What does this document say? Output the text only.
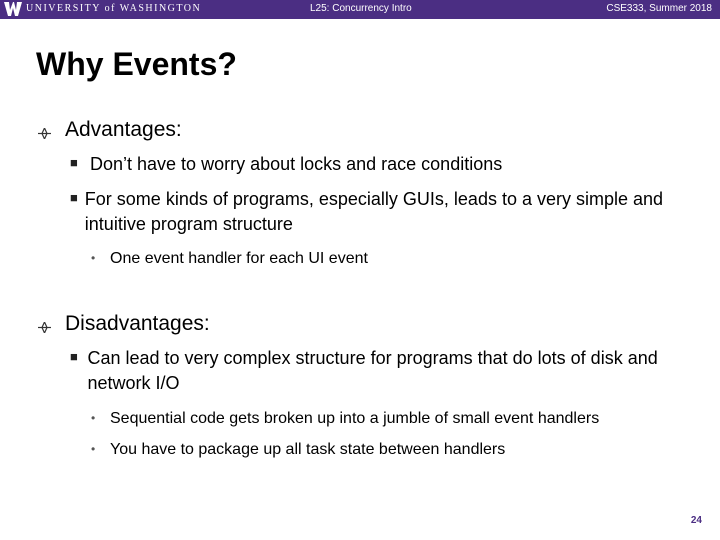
UNIVERSITY of WASHINGTON	L25: Concurrency Intro	CSE333, Summer 2018
Why Events?
Advantages:
■ Don’t have to worry about locks and race conditions
■ For some kinds of programs, especially GUIs, leads to a very simple and intuitive program structure
• One event handler for each UI event
Disadvantages:
■ Can lead to very complex structure for programs that do lots of disk and network I/O
• Sequential code gets broken up into a jumble of small event handlers
• You have to package up all task state between handlers
24
